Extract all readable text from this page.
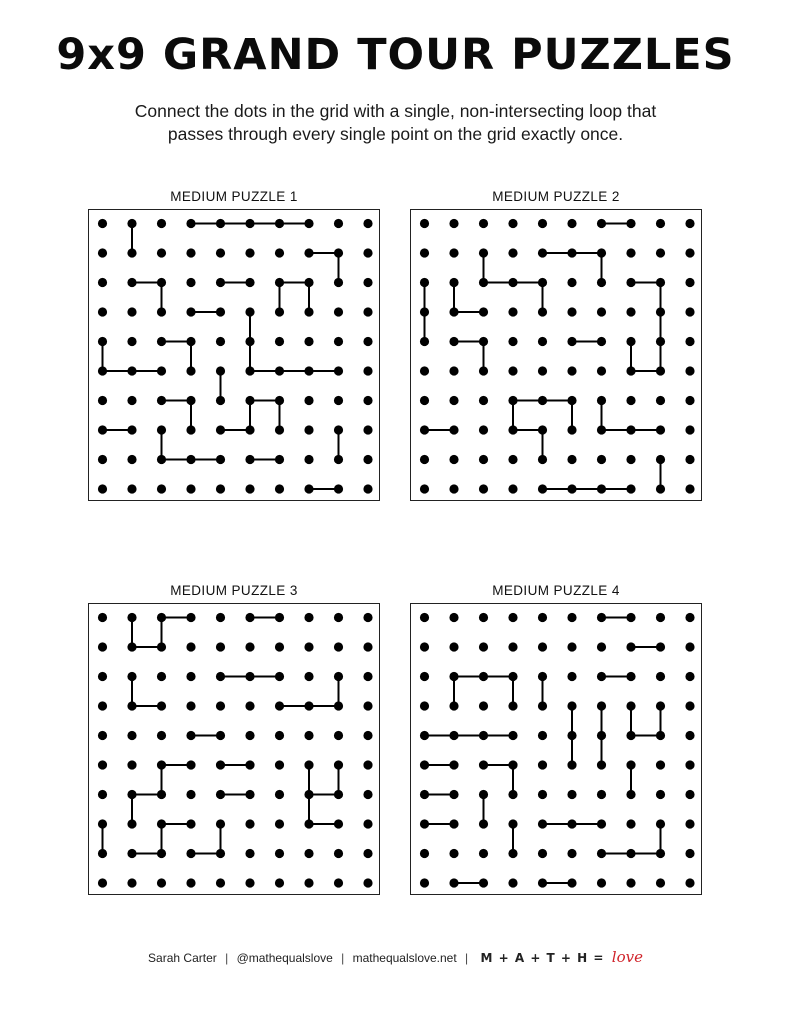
9x9 GRAND TOUR PUZZLES
Connect the dots in the grid with a single, non-intersecting loop that
passes through every single point on the grid exactly once.
MEDIUM PUZZLE 1	MEDIUM PUZZLE 2
MEDIUM PUZZLE 3	MEDIUM PUZZLE 4
Sarah Carter | @mathequalslove | mathequalslove.net | M + A + T + H = love
